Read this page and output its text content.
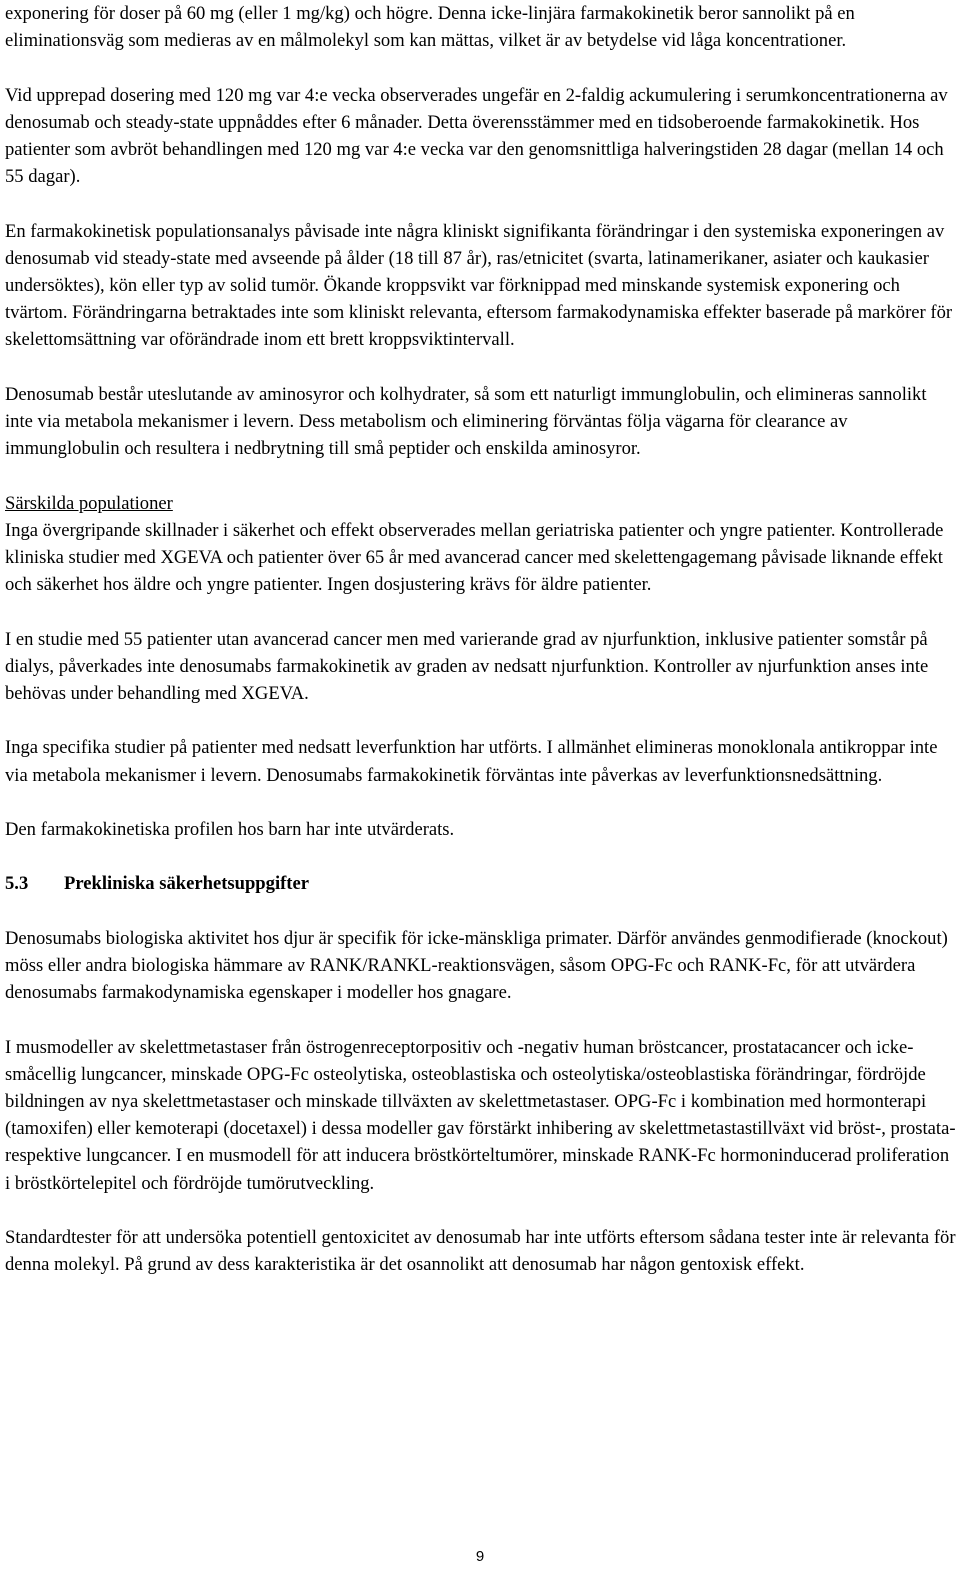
exponering för doser på 60 mg (eller 1 mg/kg) och högre. Denna icke-linjära farmakokinetik beror sannolikt på en eliminationsväg som medieras av en målmolekyl som kan mättas, vilket är av betydelse vid låga koncentrationer.

Vid upprepad dosering med 120 mg var 4:e vecka observerades ungefär en 2-faldig ackumulering i serumkoncentrationerna av denosumab och steady-state uppnåddes efter 6 månader. Detta överensstämmer med en tidsoberoende farmakokinetik. Hos patienter som avbröt behandlingen med 120 mg var 4:e vecka var den genomsnittliga halveringstiden 28 dagar (mellan 14 och 55 dagar).

En farmakokinetisk populationsanalys påvisade inte några kliniskt signifikanta förändringar i den systemiska exponeringen av denosumab vid steady-state med avseende på ålder (18 till 87 år), ras/etnicitet (svarta, latinamerikaner, asiater och kaukasier undersöktes), kön eller typ av solid tumör. Ökande kroppsvikt var förknippad med minskande systemisk exponering och tvärtom. Förändringarna betraktades inte som kliniskt relevanta, eftersom farmakodynamiska effekter baserade på markörer för skelettomsättning var oförändrade inom ett brett kroppsviktintervall.

Denosumab består uteslutande av aminosyror och kolhydrater, så som ett naturligt immunglobulin, och elimineras sannolikt inte via metabola mekanismer i levern. Dess metabolism och eliminering förväntas följa vägarna för clearance av immunglobulin och resultera i nedbrytning till små peptider och enskilda aminosyror.

Särskilda populationer

Inga övergripande skillnader i säkerhet och effekt observerades mellan geriatriska patienter och yngre patienter. Kontrollerade kliniska studier med XGEVA och patienter över 65 år med avancerad cancer med skelettengagemang påvisade liknande effekt och säkerhet hos äldre och yngre patienter. Ingen dosjustering krävs för äldre patienter.

I en studie med 55 patienter utan avancerad cancer men med varierande grad av njurfunktion, inklusive patienter somstår på dialys, påverkades inte denosumabs farmakokinetik av graden av nedsatt njurfunktion. Kontroller av njurfunktion anses inte behövas under behandling med XGEVA.

Inga specifika studier på patienter med nedsatt leverfunktion har utförts. I allmänhet elimineras monoklonala antikroppar inte via metabola mekanismer i levern. Denosumabs farmakokinetik förväntas inte påverkas av leverfunktionsnedsättning.

Den farmakokinetiska profilen hos barn har inte utvärderats.

5.3	Prekliniska säkerhetsuppgifter

Denosumabs biologiska aktivitet hos djur är specifik för icke-mänskliga primater. Därför användes genmodifierade (knockout) möss eller andra biologiska hämmare av RANK/RANKL-reaktionsvägen, såsom OPG-Fc och RANK-Fc, för att utvärdera denosumabs farmakodynamiska egenskaper i modeller hos gnagare.

I musmodeller av skelettmetastaser från östrogenreceptorpositiv och -negativ human bröstcancer, prostatacancer och icke-småcellig lungcancer, minskade OPG-Fc osteolytiska, osteoblastiska och osteolytiska/osteoblastiska förändringar, fördröjde bildningen av nya skelettmetastaser och minskade tillväxten av skelettmetastaser. OPG-Fc i kombination med hormonterapi (tamoxifen) eller kemoterapi (docetaxel) i dessa modeller gav förstärkt inhibering av skelettmetastastillväxt vid bröst-, prostata- respektive lungcancer. I en musmodell för att inducera bröstkörteltumörer, minskade RANK-Fc hormoninducerad proliferation i bröstkörtelepitel och fördröjde tumörutveckling.

Standardtester för att undersöka potentiell gentoxicitet av denosumab har inte utförts eftersom sådana tester inte är relevanta för denna molekyl. På grund av dess karakteristika är det osannolikt att denosumab har någon gentoxisk effekt.

9
